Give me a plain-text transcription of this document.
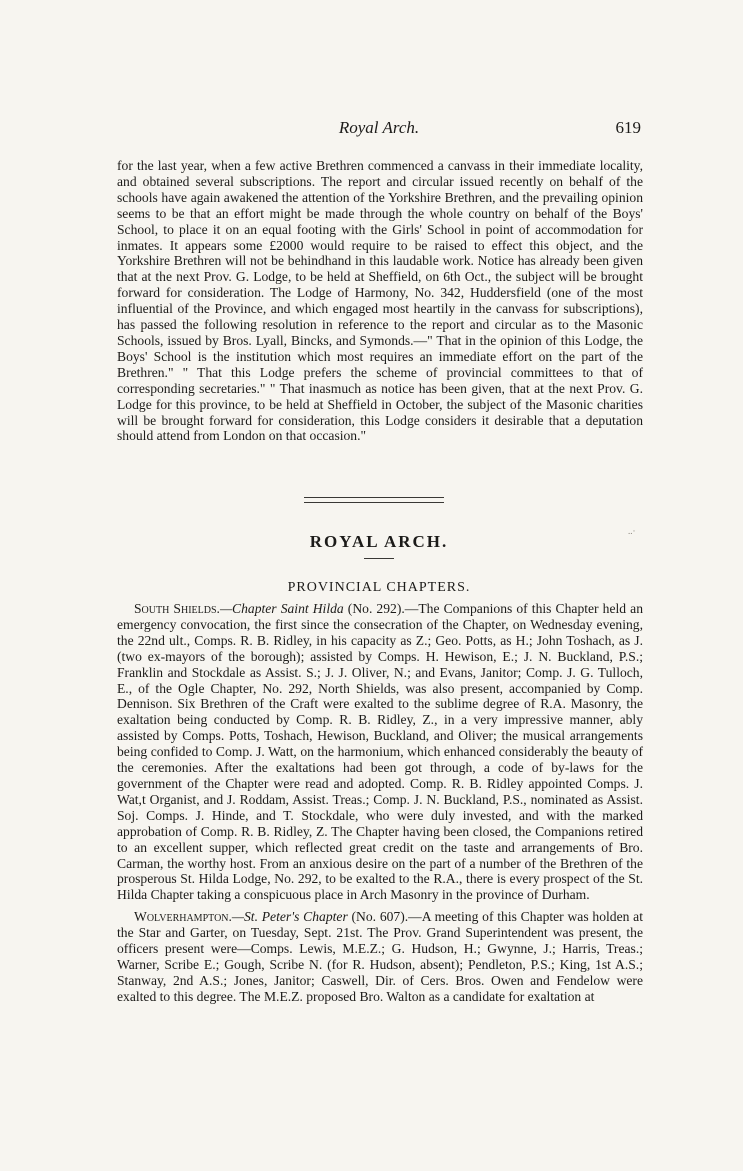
Royal Arch.	619

for the last year, when a few active Brethren commenced a canvass in their immediate locality, and obtained several subscriptions. The report and circular issued recently on behalf of the schools have again awakened the attention of the Yorkshire Brethren, and the prevailing opinion seems to be that an effort might be made through the whole country on behalf of the Boys' School, to place it on an equal footing with the Girls' School in point of accommodation for inmates. It appears some £2000 would require to be raised to effect this object, and the Yorkshire Brethren will not be behindhand in this laudable work. Notice has already been given that at the next Prov. G. Lodge, to be held at Sheffield, on 6th Oct., the subject will be brought forward for consideration. The Lodge of Harmony, No. 342, Huddersfield (one of the most influential of the Province, and which engaged most heartily in the canvass for subscriptions), has passed the following resolution in reference to the report and circular as to the Masonic Schools, issued by Bros. Lyall, Bincks, and Symonds.—" That in the opinion of this Lodge, the Boys' School is the institution which most requires an immediate effort on the part of the Brethren." " That this Lodge prefers the scheme of provincial committees to that of corresponding secretaries." " That inasmuch as notice has been given, that at the next Prov. G. Lodge for this province, to be held at Sheffield in October, the subject of the Masonic charities will be brought forward for consideration, this Lodge considers it desirable that a deputation should attend from London on that occasion."

ROYAL ARCH.
..·
PROVINCIAL CHAPTERS.

South Shields.—Chapter Saint Hilda (No. 292).—The Companions of this Chapter held an emergency convocation, the first since the consecration of the Chapter, on Wednesday evening, the 22nd ult., Comps. R. B. Ridley, in his capacity as Z.; Geo. Potts, as H.; John Toshach, as J. (two ex-mayors of the borough); assisted by Comps. H. Hewison, E.; J. N. Buckland, P.S.; Franklin and Stockdale as Assist. S.; J. J. Oliver, N.; and Evans, Janitor; Comp. J. G. Tulloch, E., of the Ogle Chapter, No. 292, North Shields, was also present, accompanied by Comp. Dennison. Six Brethren of the Craft were exalted to the sublime degree of R.A. Masonry, the exaltation being conducted by Comp. R. B. Ridley, Z., in a very impressive manner, ably assisted by Comps. Potts, Toshach, Hewison, Buckland, and Oliver; the musical arrangements being confided to Comp. J. Watt, on the harmonium, which enhanced considerably the beauty of the ceremonies. After the exaltations had been got through, a code of by-laws for the government of the Chapter were read and adopted. Comp. R. B. Ridley appointed Comps. J. Wat,t Organist, and J. Roddam, Assist. Treas.; Comp. J. N. Buckland, P.S., nominated as Assist. Soj. Comps. J. Hinde, and T. Stockdale, who were duly invested, and with the marked approbation of Comp. R. B. Ridley, Z. The Chapter having been closed, the Companions retired to an excellent supper, which reflected great credit on the taste and arrangements of Bro. Carman, the worthy host. From an anxious desire on the part of a number of the Brethren of the prosperous St. Hilda Lodge, No. 292, to be exalted to the R.A., there is every prospect of the St. Hilda Chapter taking a conspicuous place in Arch Masonry in the province of Durham.

Wolverhampton.—St. Peter's Chapter (No. 607).—A meeting of this Chapter was holden at the Star and Garter, on Tuesday, Sept. 21st. The Prov. Grand Superintendent was present, the officers present were—Comps. Lewis, M.E.Z.; G. Hudson, H.; Gwynne, J.; Harris, Treas.; Warner, Scribe E.; Gough, Scribe N. (for R. Hudson, absent); Pendleton, P.S.; King, 1st A.S.; Stanway, 2nd A.S.; Jones, Janitor; Caswell, Dir. of Cers. Bros. Owen and Fendelow were exalted to this degree. The M.E.Z. proposed Bro. Walton as a candidate for exaltation at
